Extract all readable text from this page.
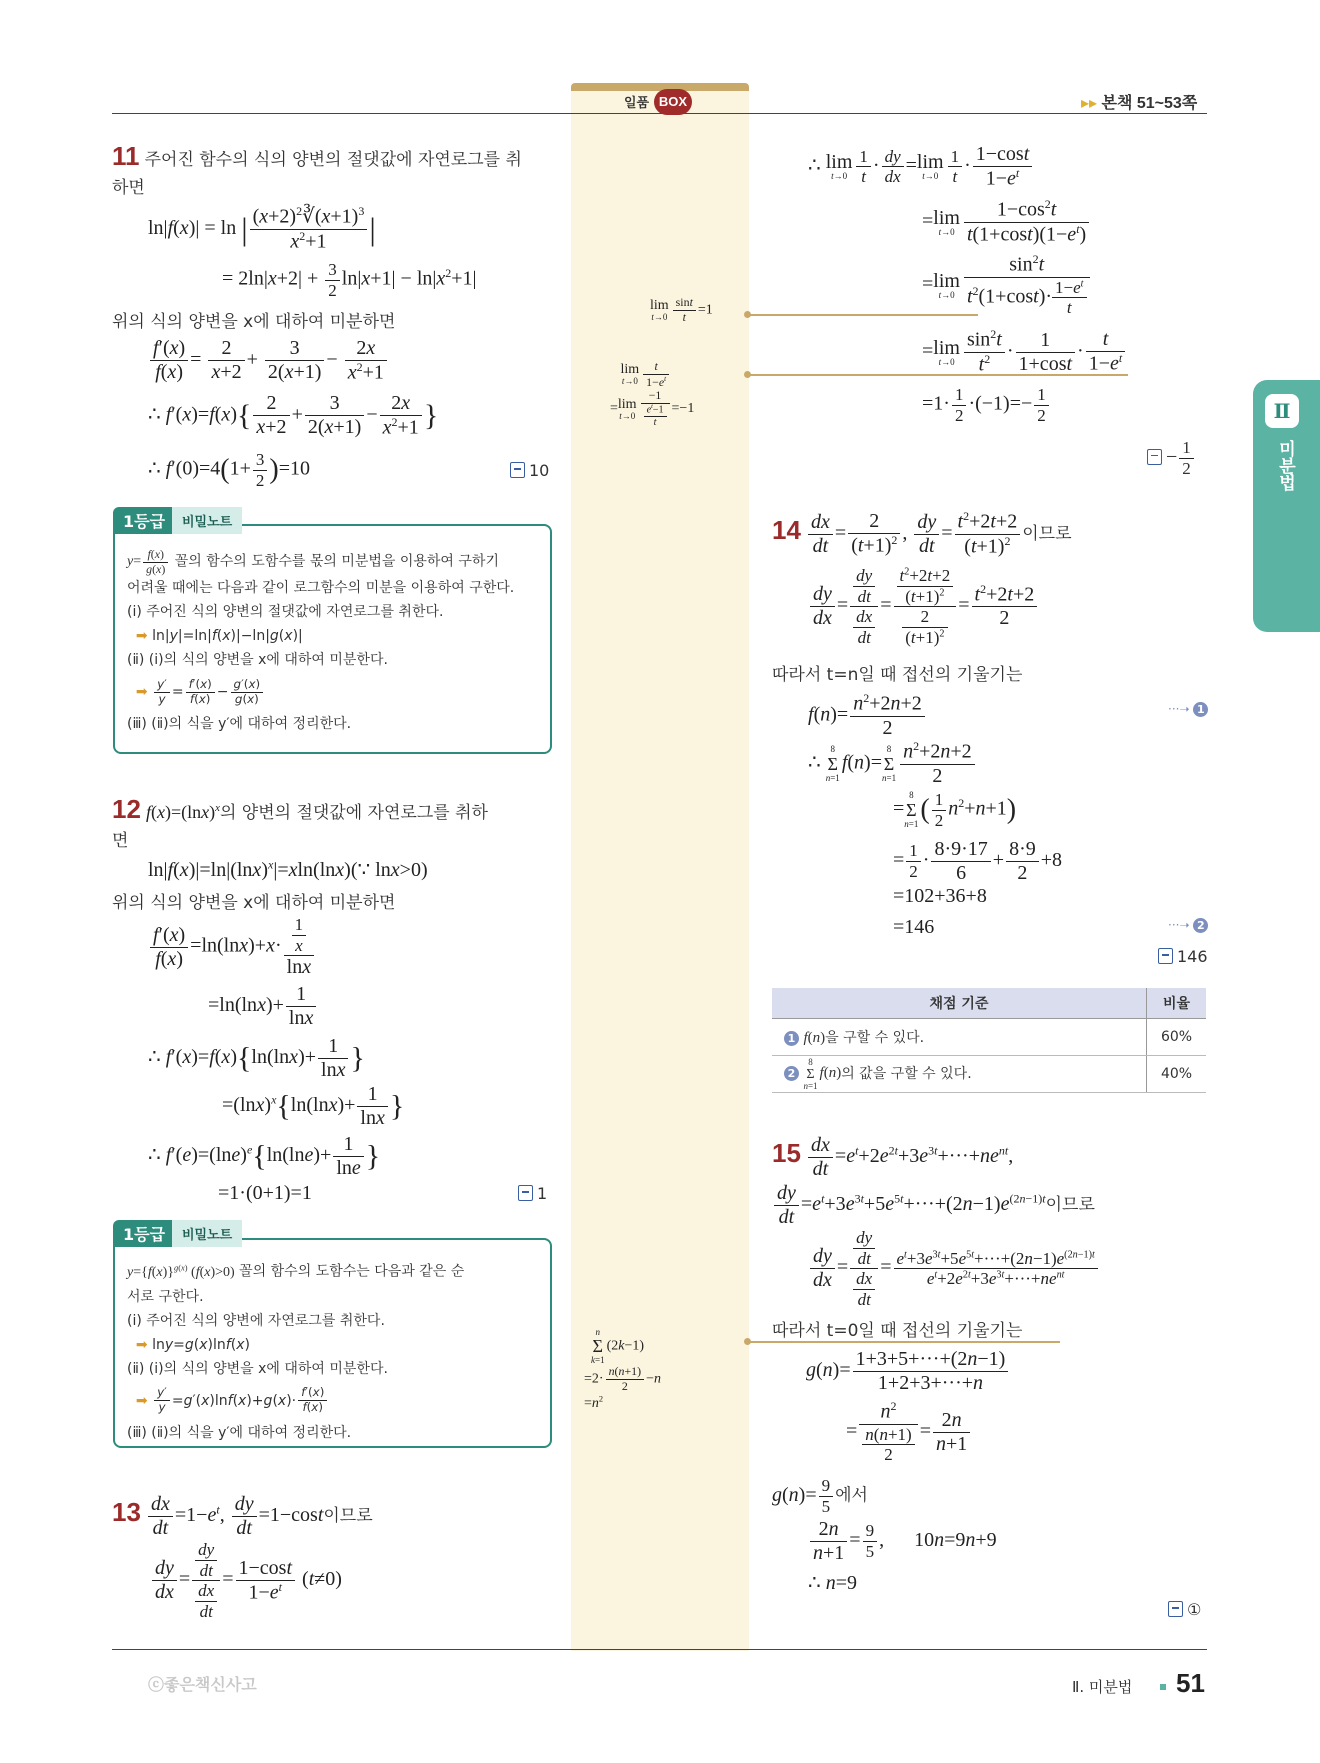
일품 BOX	▸▸ 본책 51~53쪽
Ⅱ
미분법
11 주어진 함수의 식의 양변의 절댓값에 자연로그를 취
하면
ln|f(x)| = ln | $\frac{(x+2)^2∛(x+1)^3}{x^2+1}$ |
= $2\ln|x+2| + \frac{3}{2} \ln|x+1| - \ln|x^2+1|$
위의 식의 양변을 x에 대하여 미분하면
$\frac{f'(x)}{f(x)} = \frac{2}{x+2} + \frac{3}{2(x+1)} - \frac{2x}{x^2+1}$
∴ $f'(x)=f(x)\{ \frac{2}{x+2} + \frac{3}{2(x+1)} - \frac{2x}{x^2+1}$ }
∴ $f'(0)=4(1+ \frac{3}{2} )=10$	10

$y= \frac{f(x)}{g(x)}$ 꼴의 함수의 도함수를 몫의 미분법을 이용하여 구하기

어려울 때에는 다음과 같이 로그함수의 미분을 이용하여 구한다.

(ⅰ) 주어진 식의 양변의 절댓값에 자연로그를 취한다.

➡ ln|y|=ln|f(x)|−ln|g(x)|

(ⅱ) (ⅰ)의 식의 양변을 x에 대하여 미분한다.

➡ $\frac{y'}{y} = \frac{f'(x)}{f(x)} - \frac{g'(x)}{g(x)}$

(ⅲ) (ⅱ)의 식을 y′에 대하여 정리한다.

1등급	비밀노트
12 $f(x)=(\ln x)^x$의 양변의 절댓값에 자연로그를 취하
면
$\ln|f(x)|=\ln|(\ln x)^x|=xln(\ln x)(\because$ lnx>0)
위의 식의 양변을 x에 대하여 미분하면
$\frac{f'(x)}{f(x)} =\ln(\ln x)+x\cdot \frac{\frac{1}{x}}{\ln x}$
$=\ln(\ln x)+ \frac{1}{\ln x}$
∴ $f'(x)=f(x)\{\ln(\ln x)+ \frac{1}{\ln x}$ }
$=(\ln x)^x\{\ln(\ln x)+ \frac{1}{\ln x}$ }
∴ $f'(e)=(\ln e)^e\{\ln(\ln e)+ \frac{1}{\ln e}$ }
=1·(0+1)=1	1

$y=\{f(x)\}^{g(x)}$ (f(x)>0) 꼴의 함수의 도함수는 다음과 같은 순

서로 구한다.

(ⅰ) 주어진 식의 양변에 자연로그를 취한다.

➡ lny=g(x)lnf(x)

(ⅱ) (ⅰ)의 식의 양변을 x에 대하여 미분한다.

➡ $\frac{y'}{y} =g'(x)\ln f(x)+g(x)\cdot \frac{f'(x)}{f(x)}$

(ⅲ) (ⅱ)의 식을 y′에 대하여 정리한다.

1등급	비밀노트
$13 \frac{dx}{dt} =1-e^t$, $\frac{dy}{dt} =1-\cos t$이므로
$\frac{dy}{dx} = \frac{\frac{dy}{dt}}{\frac{dx}{dt}} = \frac{1-\cos t}{1-e^t} (t\ne 0)$
lim
$t\to 0 \frac{\sin t}{t} =1$
lim
$t\to 0 \frac{t}{1-e^t}$

=lim
$t\to 0 \frac{-1}{\frac{e^t-1}{t}} =-1$

n
Σ
k=1
(2k−1)
$=2\cdot \frac{n(n+1)}{2} -n$
$=n^2$
∴ lim
$t\to 0 \frac{1}{t} \cdot \frac{dy}{dx} =\lim$
$t\to 0 \frac{1}{t} \cdot \frac{1-\cos t}{1-e^t}$
=lim
$t\to 0 \frac{1-\cos^2t}{t(1+\cos t)(1-e^t)}$
=lim
$t\to 0 \frac{\sin^2t}{t^2(1+\cos t)\cdot \frac{1-e^t}{t}}$
=lim
$t\to 0 \frac{\sin^2t}{t^2} \cdot \frac{1}{1+\cos t} \cdot \frac{t}{1-e^t}$
$=1\cdot \frac{1}{2} \cdot(-1)=- \frac{1}{2}$
− $\frac{1}{2}$
$14 \frac{dx}{dt} = \frac{2}{(t+1)^2}$ , $\frac{dy}{dt} = \frac{t^2+2t+2}{(t+1)^2}$ 이므로
$\frac{dy}{dx} = \frac{\frac{dy}{dt}}{\frac{dx}{dt}} = \frac{\frac{t^2+2t+2}{(t+1)^2}}{\frac{2}{(t+1)^2}} = \frac{t^2+2t+2}{2}$
따라서 t=n일 때 접선의 기울기는
$f(n)= \frac{n^2+2n+2}{2}$	···➝ 1
∴
8
Σ
n=1
f(n)=
8
Σ
$n=1 \frac{n^2+2n+2}{2}$
=
8
Σ
n=1 ( $\frac{1}{2} n^2+n+1$)
= $\frac{1}{2} \cdot \frac{8\cdot 9\cdot 17}{6} + \frac{8\cdot 9}{2} +8$
=102+36+8
=146	···➝ 2
146
채점 기준	비율
1 f(n)을 구할 수 있다.	60%
2
8
Σ
n=1
f(n)의 값을 구할 수 있다.	40%
$15 \frac{dx}{dt} =e^t+2e^{2t}+3e^{3t}+\cdot\cdot\cdot+ne^{nt}$,
$\frac{dy}{dt} =e^t+3e^{3t}+5e^{5t}+\cdot\cdot\cdot+(2n-1)e^{(2n-1)t}$이므로
$\frac{dy}{dx} = \frac{\frac{dy}{dt}}{\frac{dx}{dt}} = \frac{e^t+3e^{3t}+5e^{5t}+\cdot\cdot\cdot+(2n-1)e^{(2n-1)t}}{e^t+2e^{2t}+3e^{3t}+\cdot\cdot\cdot+ne^{nt}}$
따라서 t=0일 때 접선의 기울기는
$g(n)= \frac{1+3+5+\cdot\cdot\cdot+(2n-1)}{1+2+3+\cdot\cdot\cdot+n}$
= $\frac{n^2}{\frac{n(n+1)}{2}} = \frac{2n}{n+1}$
$g(n)= \frac{9}{5}$ 에서
$\frac{2n}{n+1} = \frac{9}{5}$ ,      10n=9n+9
∴ n=9
①
ⓒ좋은책신사고	Ⅱ. 미분법 51
